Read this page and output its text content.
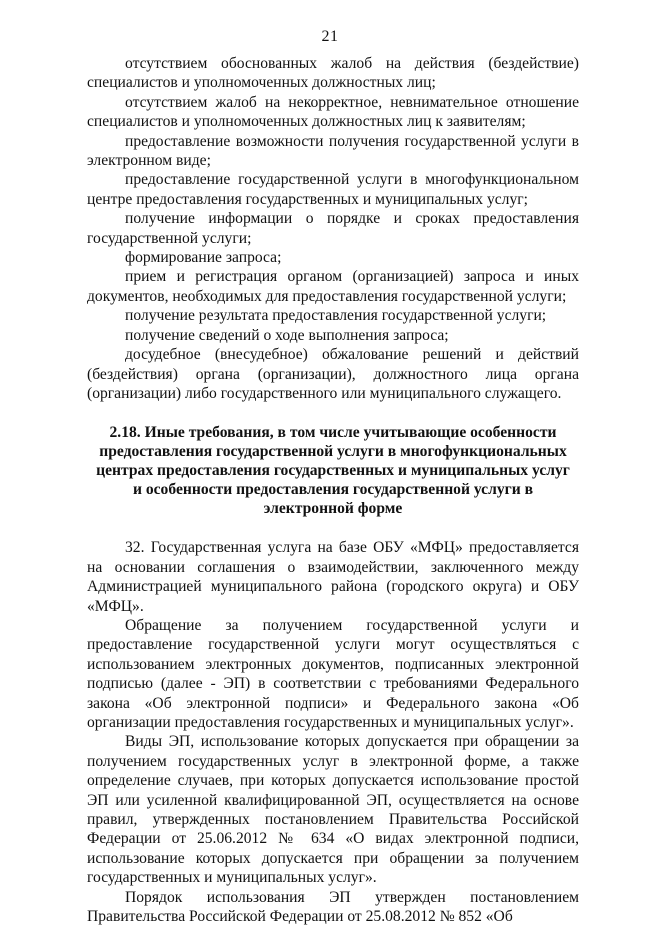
21

отсутствием обоснованных жалоб на действия (бездействие) специалистов и уполномоченных должностных лиц;

отсутствием жалоб на некорректное, невнимательное отношение специалистов и уполномоченных должностных лиц к заявителям;

предоставление возможности получения государственной услуги в электронном виде;

предоставление государственной услуги в многофункциональном центре предоставления государственных и муниципальных услуг;

получение информации о порядке и сроках предоставления государственной услуги;

формирование запроса;

прием и регистрация органом (организацией) запроса и иных документов, необходимых для предоставления государственной услуги;

получение результата предоставления государственной услуги;

получение сведений о ходе выполнения запроса;

досудебное (внесудебное) обжалование решений и действий (бездействия) органа (организации), должностного лица органа (организации) либо государственного или муниципального служащего.

2.18. Иные требования, в том числе учитывающие особенности предоставления государственной услуги в многофункциональных центрах предоставления государственных и муниципальных услуг и особенности предоставления государственной услуги в электронной форме

32. Государственная услуга на базе ОБУ «МФЦ» предоставляется на основании соглашения о взаимодействии, заключенного между Администрацией муниципального района (городского округа) и ОБУ «МФЦ».

Обращение за получением государственной услуги и предоставление государственной услуги могут осуществляться с использованием электронных документов, подписанных электронной подписью (далее - ЭП) в соответствии с требованиями Федерального закона «Об электронной подписи» и Федерального закона «Об организации предоставления государственных и муниципальных услуг».

Виды ЭП, использование которых допускается при обращении за получением государственных услуг в электронной форме, а также определение случаев, при которых допускается использование простой ЭП или усиленной квалифицированной ЭП, осуществляется на основе правил, утвержденных постановлением Правительства Российской Федерации от 25.06.2012 № 634 «О видах электронной подписи, использование которых допускается при обращении за получением государственных и муниципальных услуг».

Порядок использования ЭП утвержден постановлением Правительства Российской Федерации от 25.08.2012 № 852 «Об
